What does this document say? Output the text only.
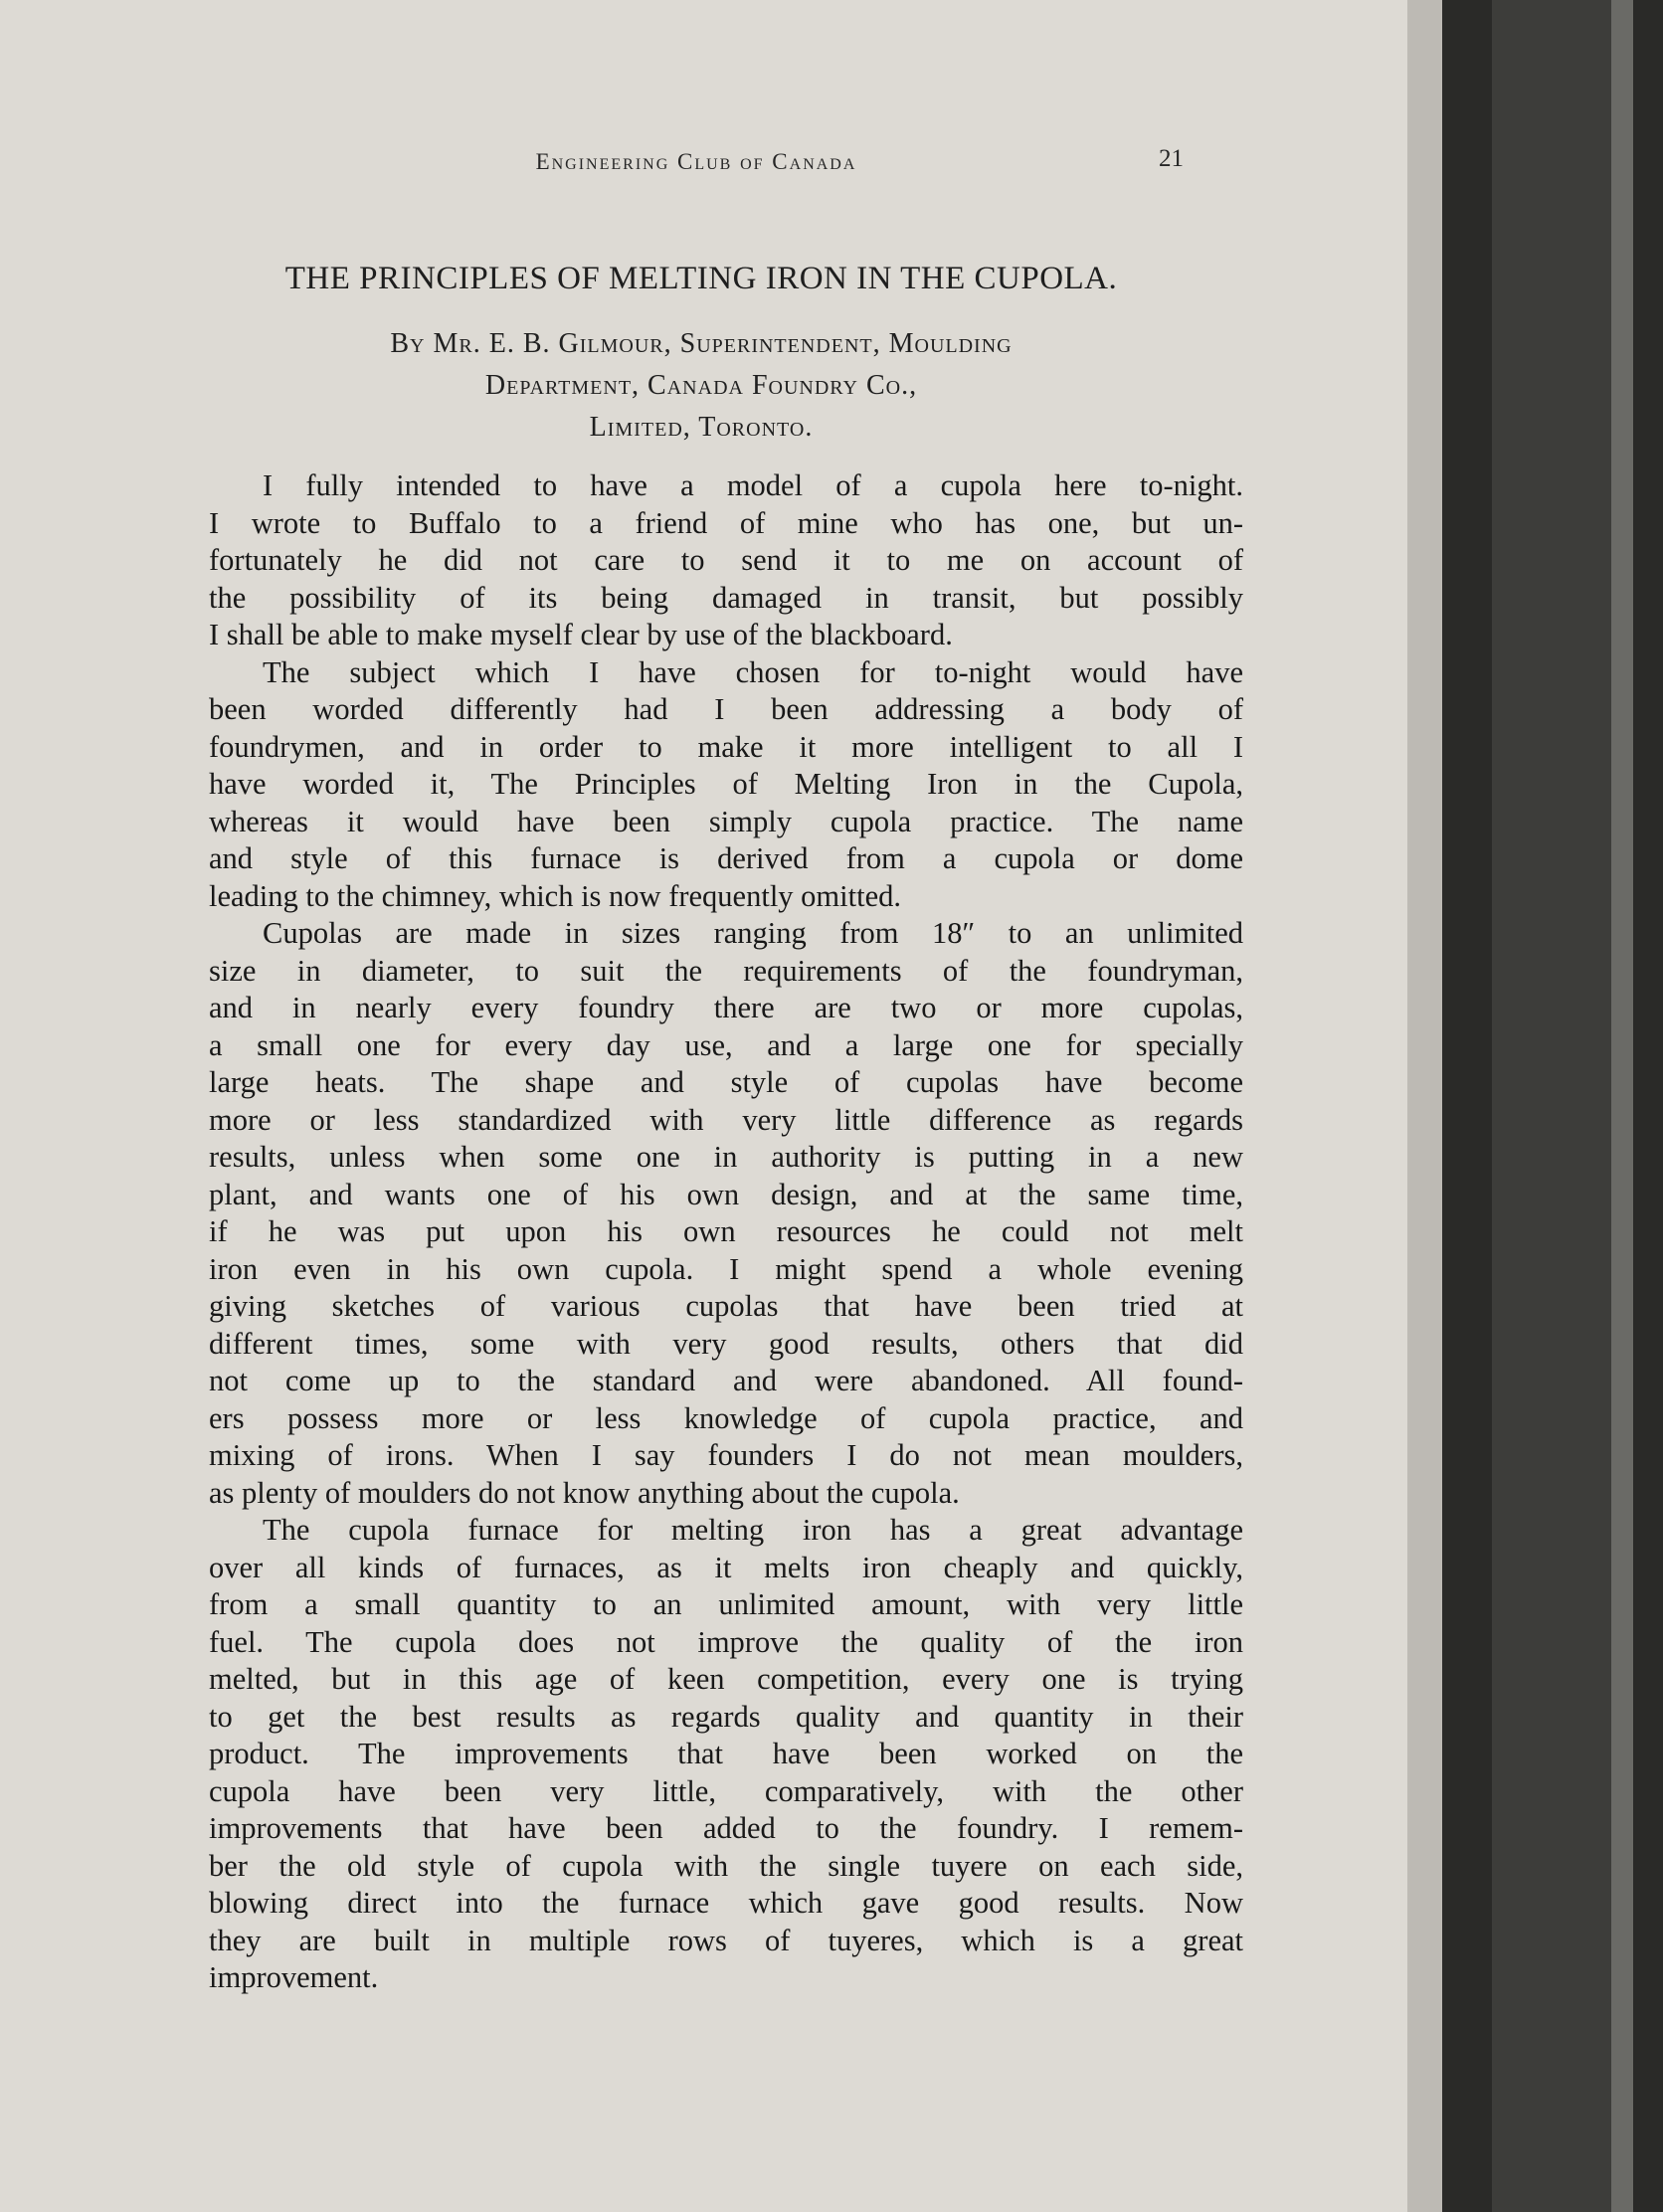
Engineering Club of Canada	21
THE PRINCIPLES OF MELTING IRON IN THE CUPOLA.
By Mr. E. B. Gilmour, Superintendent, Moulding
Department, Canada Foundry Co.,
Limited, Toronto.
I fully intended to have a model of a cupola here to-night.
I wrote to Buffalo to a friend of mine who has one, but un-
fortunately he did not care to send it to me on account of
the possibility of its being damaged in transit, but possibly
I shall be able to make myself clear by use of the blackboard.
The subject which I have chosen for to-night would have
been worded differently had I been addressing a body of
foundrymen, and in order to make it more intelligent to all I
have worded it, The Principles of Melting Iron in the Cupola,
whereas it would have been simply cupola practice. The name
and style of this furnace is derived from a cupola or dome
leading to the chimney, which is now frequently omitted.
Cupolas are made in sizes ranging from 18″ to an unlimited
size in diameter, to suit the requirements of the foundryman,
and in nearly every foundry there are two or more cupolas,
a small one for every day use, and a large one for specially
large heats. The shape and style of cupolas have become
more or less standardized with very little difference as regards
results, unless when some one in authority is putting in a new
plant, and wants one of his own design, and at the same time,
if he was put upon his own resources he could not melt
iron even in his own cupola. I might spend a whole evening
giving sketches of various cupolas that have been tried at
different times, some with very good results, others that did
not come up to the standard and were abandoned. All found-
ers possess more or less knowledge of cupola practice, and
mixing of irons. When I say founders I do not mean moulders,
as plenty of moulders do not know anything about the cupola.
The cupola furnace for melting iron has a great advantage
over all kinds of furnaces, as it melts iron cheaply and quickly,
from a small quantity to an unlimited amount, with very little
fuel. The cupola does not improve the quality of the iron
melted, but in this age of keen competition, every one is trying
to get the best results as regards quality and quantity in their
product. The improvements that have been worked on the
cupola have been very little, comparatively, with the other
improvements that have been added to the foundry. I remem-
ber the old style of cupola with the single tuyere on each side,
blowing direct into the furnace which gave good results. Now
they are built in multiple rows of tuyeres, which is a great
improvement.
